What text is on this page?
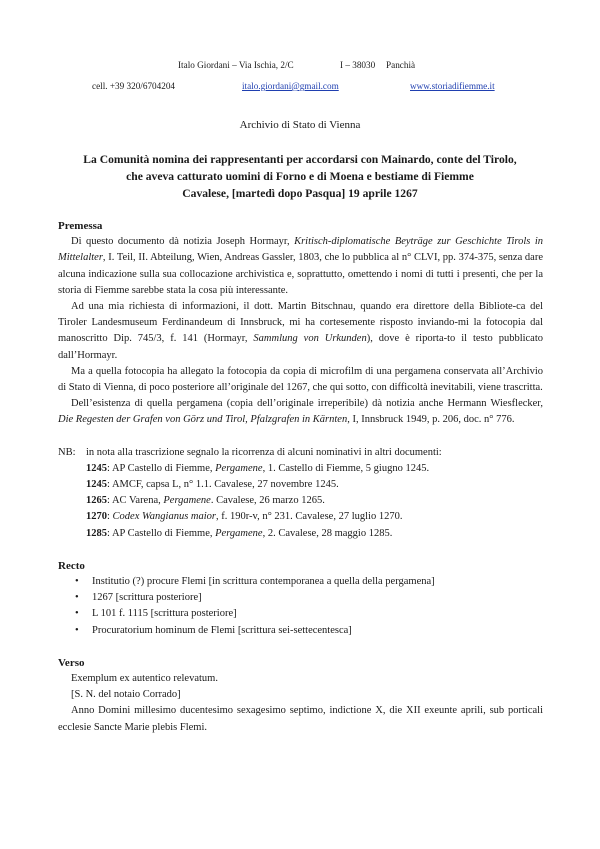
Italo Giordani – Via Ischia, 2/C	I – 38030 Panchià
cell. +39 320/6704204	italo.giordani@gmail.com	www.storiadifiemme.it
Archivio di Stato di Vienna
La Comunità nomina dei rappresentanti per accordarsi con Mainardo, conte del Tirolo,
che aveva catturato uomini di Forno e di Moena e bestiame di Fiemme
Cavalese, [martedì dopo Pasqua] 19 aprile 1267
Premessa
Di questo documento dà notizia Joseph Hormayr, Kritisch-diplomatische Beyträge zur Geschichte Tirols in Mittelalter, I. Teil, II. Abteilung, Wien, Andreas Gassler, 1803, che lo pubblica al n° CLVI, pp. 374-375, senza dare alcuna indicazione sulla sua collocazione archivistica e, soprattutto, omettendo i nomi di tutti i presenti, che per la storia di Fiemme sarebbe stata la cosa più interessante.
Ad una mia richiesta di informazioni, il dott. Martin Bitschnau, quando era direttore della Bibliote-ca del Tiroler Landesmuseum Ferdinandeum di Innsbruck, mi ha cortesemente risposto inviando-mi la fotocopia dal manoscritto Dip. 745/3, f. 141 (Hormayr, Sammlung von Urkunden), dove è riporta-to il testo pubblicato dall’Hormayr.
Ma a quella fotocopia ha allegato la fotocopia da copia di microfilm di una pergamena conservata all’Archivio di Stato di Vienna, di poco posteriore all’originale del 1267, che qui sotto, con difficoltà inevitabili, viene trascritta.
Dell’esistenza di quella pergamena (copia dell’originale irreperibile) dà notizia anche Hermann Wiesflecker, Die Regesten der Grafen von Görz und Tirol, Pfalzgrafen in Kärnten, I, Innsbruck 1949, p. 206, doc. n° 776.
NB: in nota alla trascrizione segnalo la ricorrenza di alcuni nominativi in altri documenti:
1245: AP Castello di Fiemme, Pergamene, 1. Castello di Fiemme, 5 giugno 1245.
1245: AMCF, capsa L, n° 1.1. Cavalese, 27 novembre 1245.
1265: AC Varena, Pergamene. Cavalese, 26 marzo 1265.
1270: Codex Wangianus maior, f. 190r-v, n° 231. Cavalese, 27 luglio 1270.
1285: AP Castello di Fiemme, Pergamene, 2. Cavalese, 28 maggio 1285.
Recto
• Institutio (?) procure Flemi [in scrittura contemporanea a quella della pergamena]
• 1267 [scrittura posteriore]
• L 101 f. 1115 [scrittura posteriore]
• Procuratorium hominum de Flemi [scrittura sei-settecentesca]
Verso
Exemplum ex autentico relevatum.
[S. N. del notaio Corrado]
Anno Domini millesimo ducentesimo sexagesimo septimo, indictione X, die XII exeunte aprili, sub porticali ecclesie Sancte Marie plebis Flemi.
